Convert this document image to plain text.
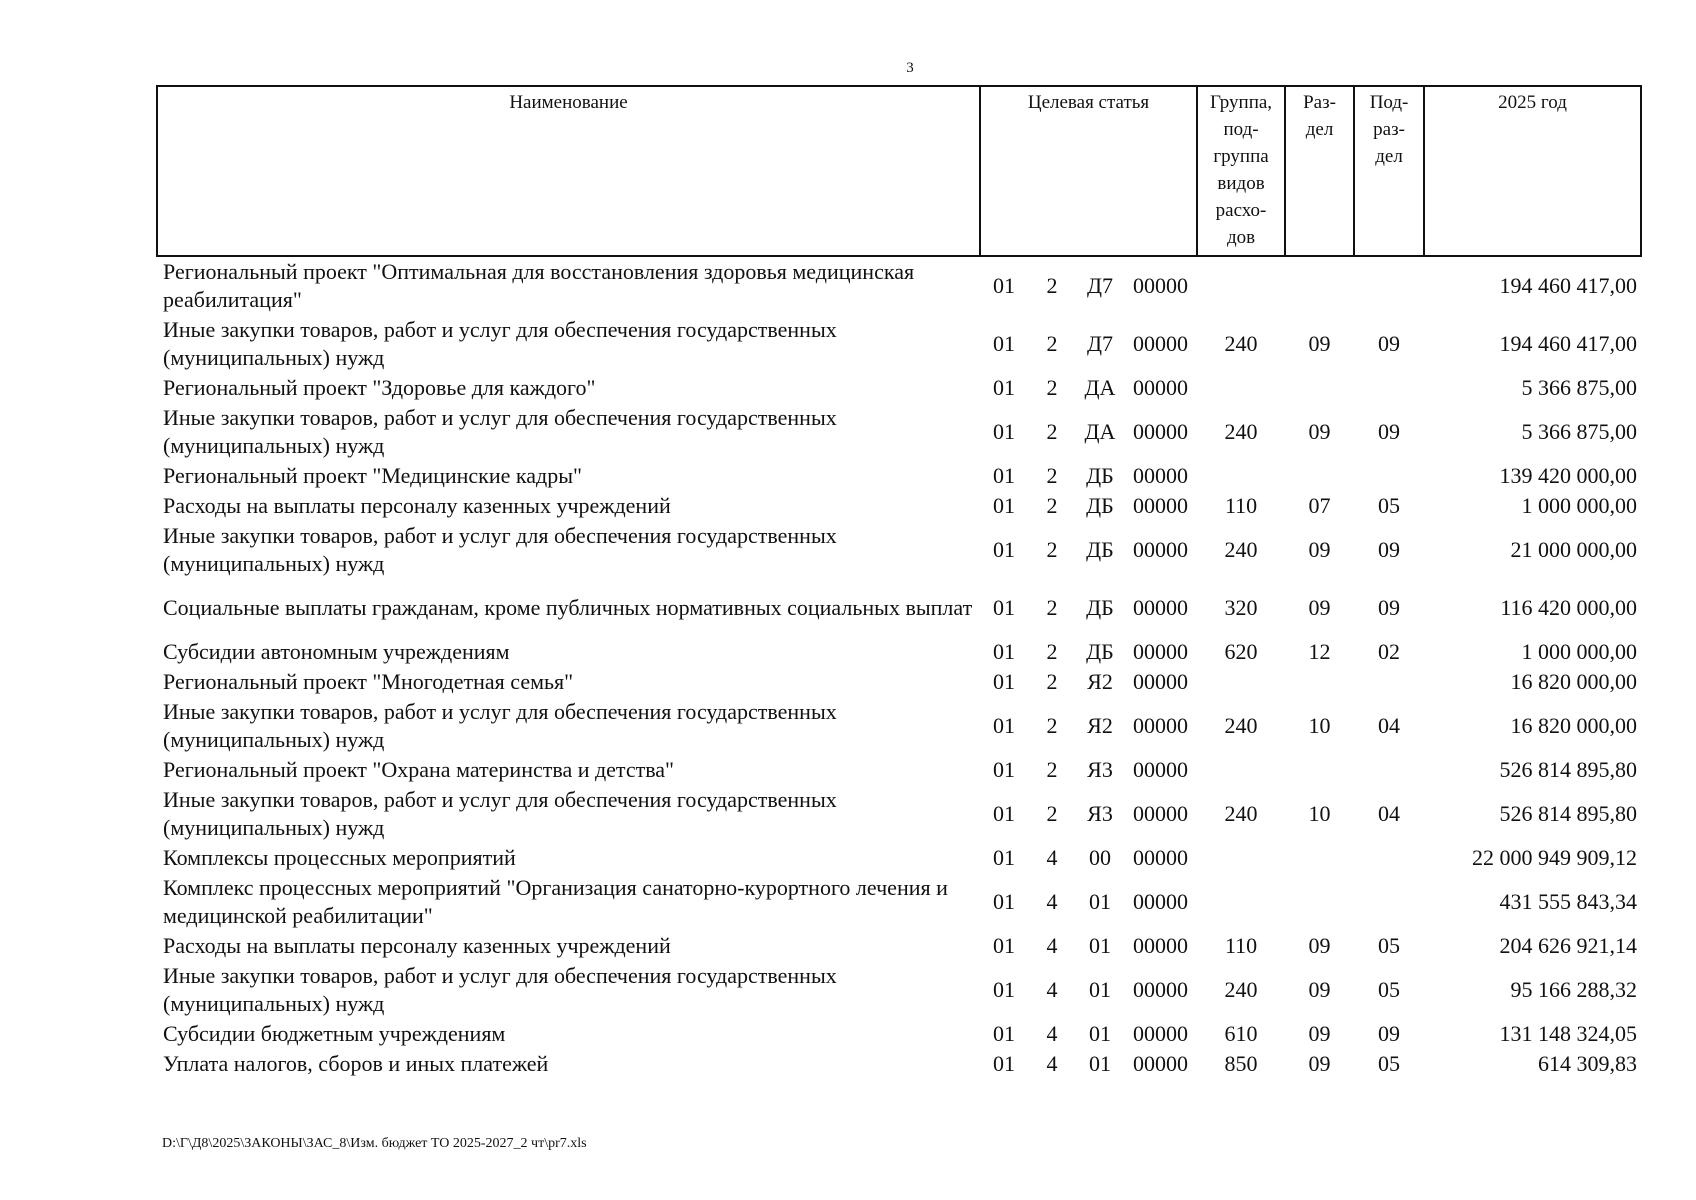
3
Наименование	Целевая статья				Группа, под- группа видов расхо- дов	Раз- дел	Под- раз- дел	2025 год
Региональный проект "Оптимальная для восстановления здоровья медицинская реабилитация"	01	2	Д7	00000				194 460 417,00
Иные закупки товаров, работ и услуг для обеспечения государственных (муниципальных) нужд	01	2	Д7	00000	240	09	09	194 460 417,00
Региональный проект "Здоровье для каждого"	01	2	ДА	00000				5 366 875,00
Иные закупки товаров, работ и услуг для обеспечения государственных (муниципальных) нужд	01	2	ДА	00000	240	09	09	5 366 875,00
Региональный проект "Медицинские кадры"	01	2	ДБ	00000				139 420 000,00
Расходы на выплаты персоналу казенных учреждений	01	2	ДБ	00000	110	07	05	1 000 000,00
Иные закупки товаров, работ и услуг для обеспечения государственных (муниципальных) нужд	01	2	ДБ	00000	240	09	09	21 000 000,00
Социальные выплаты гражданам, кроме публичных нормативных социальных выплат	01	2	ДБ	00000	320	09	09	116 420 000,00
Субсидии автономным учреждениям	01	2	ДБ	00000	620	12	02	1 000 000,00
Региональный проект "Многодетная семья"	01	2	Я2	00000				16 820 000,00
Иные закупки товаров, работ и услуг для обеспечения государственных (муниципальных) нужд	01	2	Я2	00000	240	10	04	16 820 000,00
Региональный проект "Охрана материнства и детства"	01	2	Я3	00000				526 814 895,80
Иные закупки товаров, работ и услуг для обеспечения государственных (муниципальных) нужд	01	2	Я3	00000	240	10	04	526 814 895,80
Комплексы процессных мероприятий	01	4	00	00000				22 000 949 909,12
Комплекс процессных мероприятий "Организация санаторно-курортного лечения и медицинской реабилитации"	01	4	01	00000				431 555 843,34
Расходы на выплаты персоналу казенных учреждений	01	4	01	00000	110	09	05	204 626 921,14
Иные закупки товаров, работ и услуг для обеспечения государственных (муниципальных) нужд	01	4	01	00000	240	09	05	95 166 288,32
Субсидии бюджетным учреждениям	01	4	01	00000	610	09	09	131 148 324,05
Уплата налогов, сборов и иных платежей	01	4	01	00000	850	09	05	614 309,83
D:\Г\Д8\2025\ЗАКОНЫ\ЗАС_8\Изм. бюджет ТО 2025-2027_2 чт\pr7.xls
